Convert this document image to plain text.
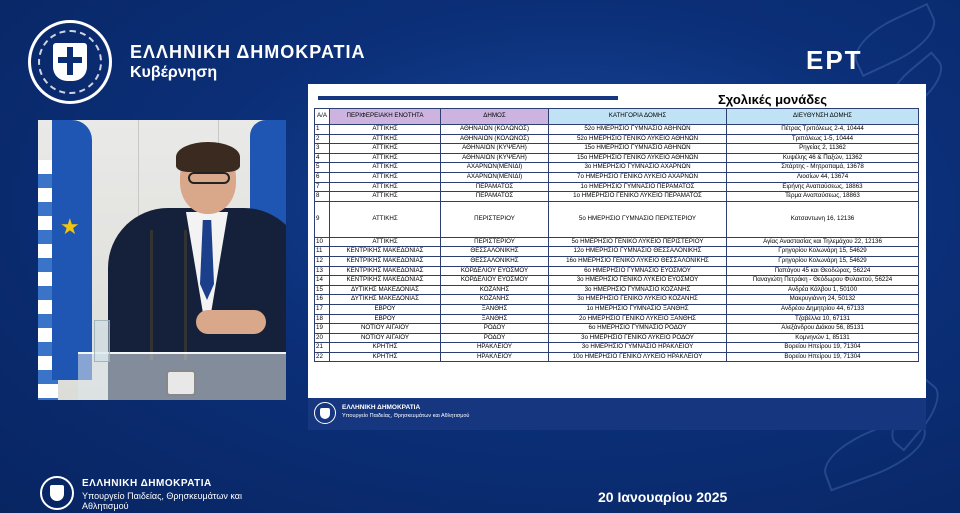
ΕΛΛΗΝΙΚΗ ΔΗΜΟΚΡΑΤΙΑ
Κυβέρνηση	ΕΡΤ
★
Σχολικές μονάδες
Α/Α	ΠΕΡΙΦΕΡΕΙΑΚΗ ΕΝΟΤΗΤΑ	ΔΗΜΟΣ	ΚΑΤΗΓΟΡΙΑ ΔΟΜΗΣ	ΔΙΕΥΘΥΝΣΗ ΔΟΜΗΣ
1	ΑΤΤΙΚΗΣ	ΑΘΗΝΑΙΩΝ (ΚΟΛΩΝΟΣ)	52ο ΗΜΕΡΗΣΙΟ ΓΥΜΝΑΣΙΟ ΑΘΗΝΩΝ	Πέτρας Τριπόλεως 2-4, 10444
2	ΑΤΤΙΚΗΣ	ΑΘΗΝΑΙΩΝ (ΚΟΛΩΝΟΣ)	52ο ΗΜΕΡΗΣΙΟ ΓΕΝΙΚΟ ΛΥΚΕΙΟ ΑΘΗΝΩΝ	Τριπόλεως 1-5, 10444
3	ΑΤΤΙΚΗΣ	ΑΘΗΝΑΙΩΝ (ΚΥΨΕΛΗ)	15ο ΗΜΕΡΗΣΙΟ ΓΥΜΝΑΣΙΟ ΑΘΗΝΩΝ	Ρηγείας 2, 11362
4	ΑΤΤΙΚΗΣ	ΑΘΗΝΑΙΩΝ (ΚΥΨΕΛΗ)	15ο ΗΜΕΡΗΣΙΟ ΓΕΝΙΚΟ ΛΥΚΕΙΟ ΑΘΗΝΩΝ	Κυψέλης 46 & Παξών, 11362
5	ΑΤΤΙΚΗΣ	ΑΧΑΡΝΩΝ(ΜΕΝΙΔΙ)	3ο ΗΜΕΡΗΣΙΟ ΓΥΜΝΑΣΙΟ ΑΧΑΡΝΩΝ	Σπάρτης - Μητροπαμά, 13678
6	ΑΤΤΙΚΗΣ	ΑΧΑΡΝΩΝ(ΜΕΝΙΔΙ)	7ο ΗΜΕΡΗΣΙΟ ΓΕΝΙΚΟ ΛΥΚΕΙΟ ΑΧΑΡΝΩΝ	Λιοσίων 44, 13674
7	ΑΤΤΙΚΗΣ	ΠΕΡΑΜΑΤΟΣ	1ο ΗΜΕΡΗΣΙΟ ΓΥΜΝΑΣΙΟ ΠΕΡΑΜΑΤΟΣ	Ειρήνης Αναπαύσεως, 18863
8	ΑΤΤΙΚΗΣ	ΠΕΡΑΜΑΤΟΣ	1ο ΗΜΕΡΗΣΙΟ ΓΕΝΙΚΟ ΛΥΚΕΙΟ ΠΕΡΑΜΑΤΟΣ	Τέρμα Αναπαύσεως, 18863
9	ΑΤΤΙΚΗΣ	ΠΕΡΙΣΤΕΡΙΟΥ	5ο ΗΜΕΡΗΣΙΟ ΓΥΜΝΑΣΙΟ ΠΕΡΙΣΤΕΡΙΟΥ	Κατσαντωνη 16, 12136
10	ΑΤΤΙΚΗΣ	ΠΕΡΙΣΤΕΡΙΟΥ	5ο ΗΜΕΡΗΣΙΟ ΓΕΝΙΚΟ ΛΥΚΕΙΟ ΠΕΡΙΣΤΕΡΙΟΥ	Αγίας Αναστασίας και Τηλεμάχου 22, 12136
11	ΚΕΝΤΡΙΚΗΣ ΜΑΚΕΔΟΝΙΑΣ	ΘΕΣΣΑΛΟΝΙΚΗΣ	12ο ΗΜΕΡΗΣΙΟ ΓΥΜΝΑΣΙΟ ΘΕΣΣΑΛΟΝΙΚΗΣ	Γρηγορίου Κολωνάρη 15, 54629
12	ΚΕΝΤΡΙΚΗΣ ΜΑΚΕΔΟΝΙΑΣ	ΘΕΣΣΑΛΟΝΙΚΗΣ	16ο ΗΜΕΡΗΣΙΟ ΓΕΝΙΚΟ ΛΥΚΕΙΟ ΘΕΣΣΑΛΟΝΙΚΗΣ	Γρηγορίου Κολωνάρη 15, 54629
13	ΚΕΝΤΡΙΚΗΣ ΜΑΚΕΔΟΝΙΑΣ	ΚΟΡΔΕΛΙΟΥ ΕΥΟΣΜΟΥ	6ο ΗΜΕΡΗΣΙΟ ΓΥΜΝΑΣΙΟ ΕΥΟΣΜΟΥ	Παπάγου 45 και Θεοδώρας, 56224
14	ΚΕΝΤΡΙΚΗΣ ΜΑΚΕΔΟΝΙΑΣ	ΚΟΡΔΕΛΙΟΥ ΕΥΟΣΜΟΥ	3ο ΗΜΕΡΗΣΙΟ ΓΕΝΙΚΟ ΛΥΚΕΙΟ ΕΥΟΣΜΟΥ	Παναγιώτη Πετράκη - Θεόδωρου Φυλακτού, 56224
15	ΔΥΤΙΚΗΣ ΜΑΚΕΔΟΝΙΑΣ	ΚΟΖΑΝΗΣ	3ο ΗΜΕΡΗΣΙΟ ΓΥΜΝΑΣΙΟ ΚΟΖΑΝΗΣ	Ανδρέα Κάλβου 1, 50100
16	ΔΥΤΙΚΗΣ ΜΑΚΕΔΟΝΙΑΣ	ΚΟΖΑΝΗΣ	3ο ΗΜΕΡΗΣΙΟ ΓΕΝΙΚΟ ΛΥΚΕΙΟ ΚΟΖΑΝΗΣ	Μακρυγιάννη 24, 50132
17	ΕΒΡΟΥ	ΞΑΝΘΗΣ	1ο ΗΜΕΡΗΣΙΟ ΓΥΜΝΑΣΙΟ ΞΑΝΘΗΣ	Ανδρέου Δημητρίου 44, 67133
18	ΕΒΡΟΥ	ΞΑΝΘΗΣ	2ο ΗΜΕΡΗΣΙΟ ΓΕΝΙΚΟ ΛΥΚΕΙΟ ΞΑΝΘΗΣ	Τζαβέλλα 10, 67131
19	ΝΟΤΙΟΥ ΑΙΓΑΙΟΥ	ΡΟΔΟΥ	6ο ΗΜΕΡΗΣΙΟ ΓΥΜΝΑΣΙΟ ΡΟΔΟΥ	Αλεξάνδρου Διάκου 56, 85131
20	ΝΟΤΙΟΥ ΑΙΓΑΙΟΥ	ΡΟΔΟΥ	3ο ΗΜΕΡΗΣΙΟ ΓΕΝΙΚΟ ΛΥΚΕΙΟ ΡΟΔΟΥ	Κομνηνών 1, 85131
21	ΚΡΗΤΗΣ	ΗΡΑΚΛΕΙΟΥ	3ο ΗΜΕΡΗΣΙΟ ΓΥΜΝΑΣΙΟ ΗΡΑΚΛΕΙΟΥ	Βορείου Ηπείρου 19, 71304
22	ΚΡΗΤΗΣ	ΗΡΑΚΛΕΙΟΥ	10ο ΗΜΕΡΗΣΙΟ ΓΕΝΙΚΟ ΛΥΚΕΙΟ ΗΡΑΚΛΕΙΟΥ	Βορείου Ηπείρου 19, 71304
ΕΛΛΗΝΙΚΗ ΔΗΜΟΚΡΑΤΙΑ
Υπουργείο Παιδείας, Θρησκευμάτων και Αθλητισμού
ΕΛΛΗΝΙΚΗ ΔΗΜΟΚΡΑΤΙΑ
Υπουργείο Παιδείας, Θρησκευμάτων και Αθλητισμού
20 Ιανουαρίου 2025
